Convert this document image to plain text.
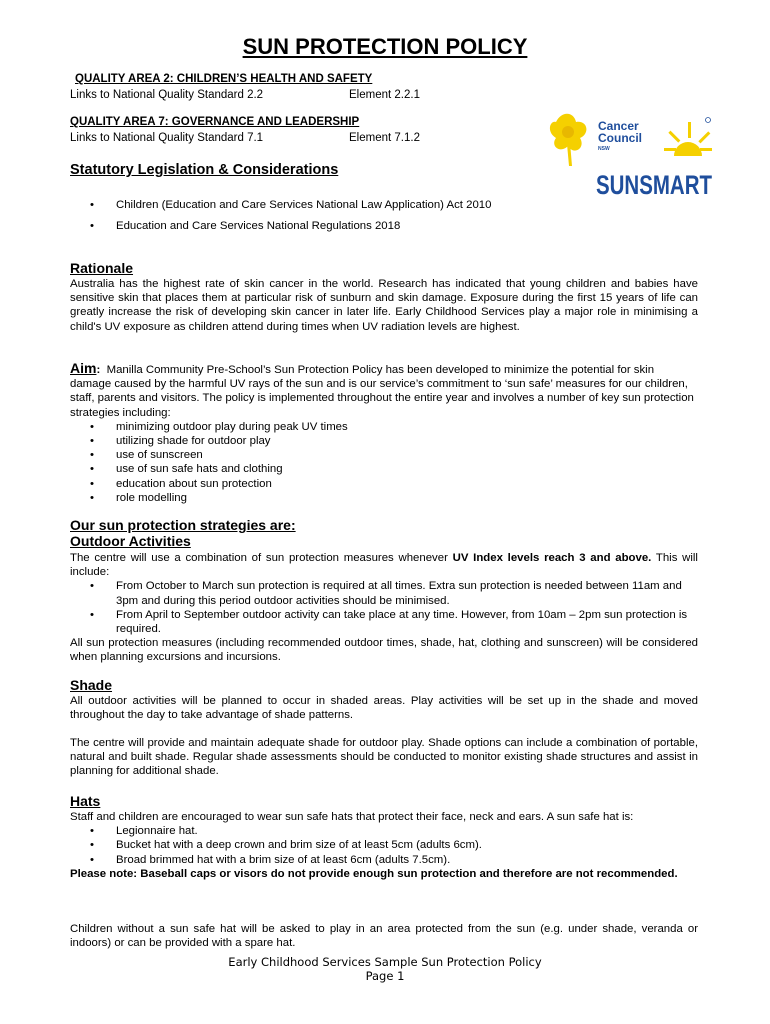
SUN PROTECTION POLICY
QUALITY AREA 2: CHILDREN’S HEALTH AND SAFETY
Links to National Quality Standard 2.2	Element 2.2.1
QUALITY AREA 7: GOVERNANCE AND LEADERSHIP
Links to National Quality Standard 7.1	Element 7.1.2
Cancer
Council
NSW
SUNSMART
Statutory Legislation & Considerations
• Children (Education and Care Services National Law Application) Act 2010
• Education and Care Services National Regulations 2018
Rationale
Australia has the highest rate of skin cancer in the world. Research has indicated that young children and babies have sensitive skin that places them at particular risk of sunburn and skin damage. Exposure during the first 15 years of life can greatly increase the risk of developing skin cancer in later life. Early Childhood Services play a major role in minimising a child's UV exposure as children attend during times when UV radiation levels are highest.
Aim: Manilla Community Pre-School’s Sun Protection Policy has been developed to minimize the potential for skin damage caused by the harmful UV rays of the sun and is our service’s commitment to ‘sun safe’ measures for our children, staff, parents and visitors. The policy is implemented throughout the entire year and involves a number of key sun protection strategies including:
• minimizing outdoor play during peak UV times
• utilizing shade for outdoor play
• use of sunscreen
• use of sun safe hats and clothing
• education about sun protection
• role modelling
Our sun protection strategies are:
Outdoor Activities
The centre will use a combination of sun protection measures whenever UV Index levels reach 3 and above. This will include:
• From October to March sun protection is required at all times. Extra sun protection is needed between 11am and 3pm and during this period outdoor activities should be minimised.
• From April to September outdoor activity can take place at any time. However, from 10am – 2pm sun protection is required.
All sun protection measures (including recommended outdoor times, shade, hat, clothing and sunscreen) will be considered when planning excursions and incursions.
Shade
All outdoor activities will be planned to occur in shaded areas. Play activities will be set up in the shade and moved throughout the day to take advantage of shade patterns.
The centre will provide and maintain adequate shade for outdoor play. Shade options can include a combination of portable, natural and built shade. Regular shade assessments should be conducted to monitor existing shade structures and assist in planning for additional shade.
Hats
Staff and children are encouraged to wear sun safe hats that protect their face, neck and ears. A sun safe hat is:
• Legionnaire hat.
• Bucket hat with a deep crown and brim size of at least 5cm (adults 6cm).
• Broad brimmed hat with a brim size of at least 6cm (adults 7.5cm).
Please note: Baseball caps or visors do not provide enough sun protection and therefore are not recommended.
Children without a sun safe hat will be asked to play in an area protected from the sun (e.g. under shade, veranda or indoors) or can be provided with a spare hat.
Early Childhood Services Sample Sun Protection Policy
Page 1
